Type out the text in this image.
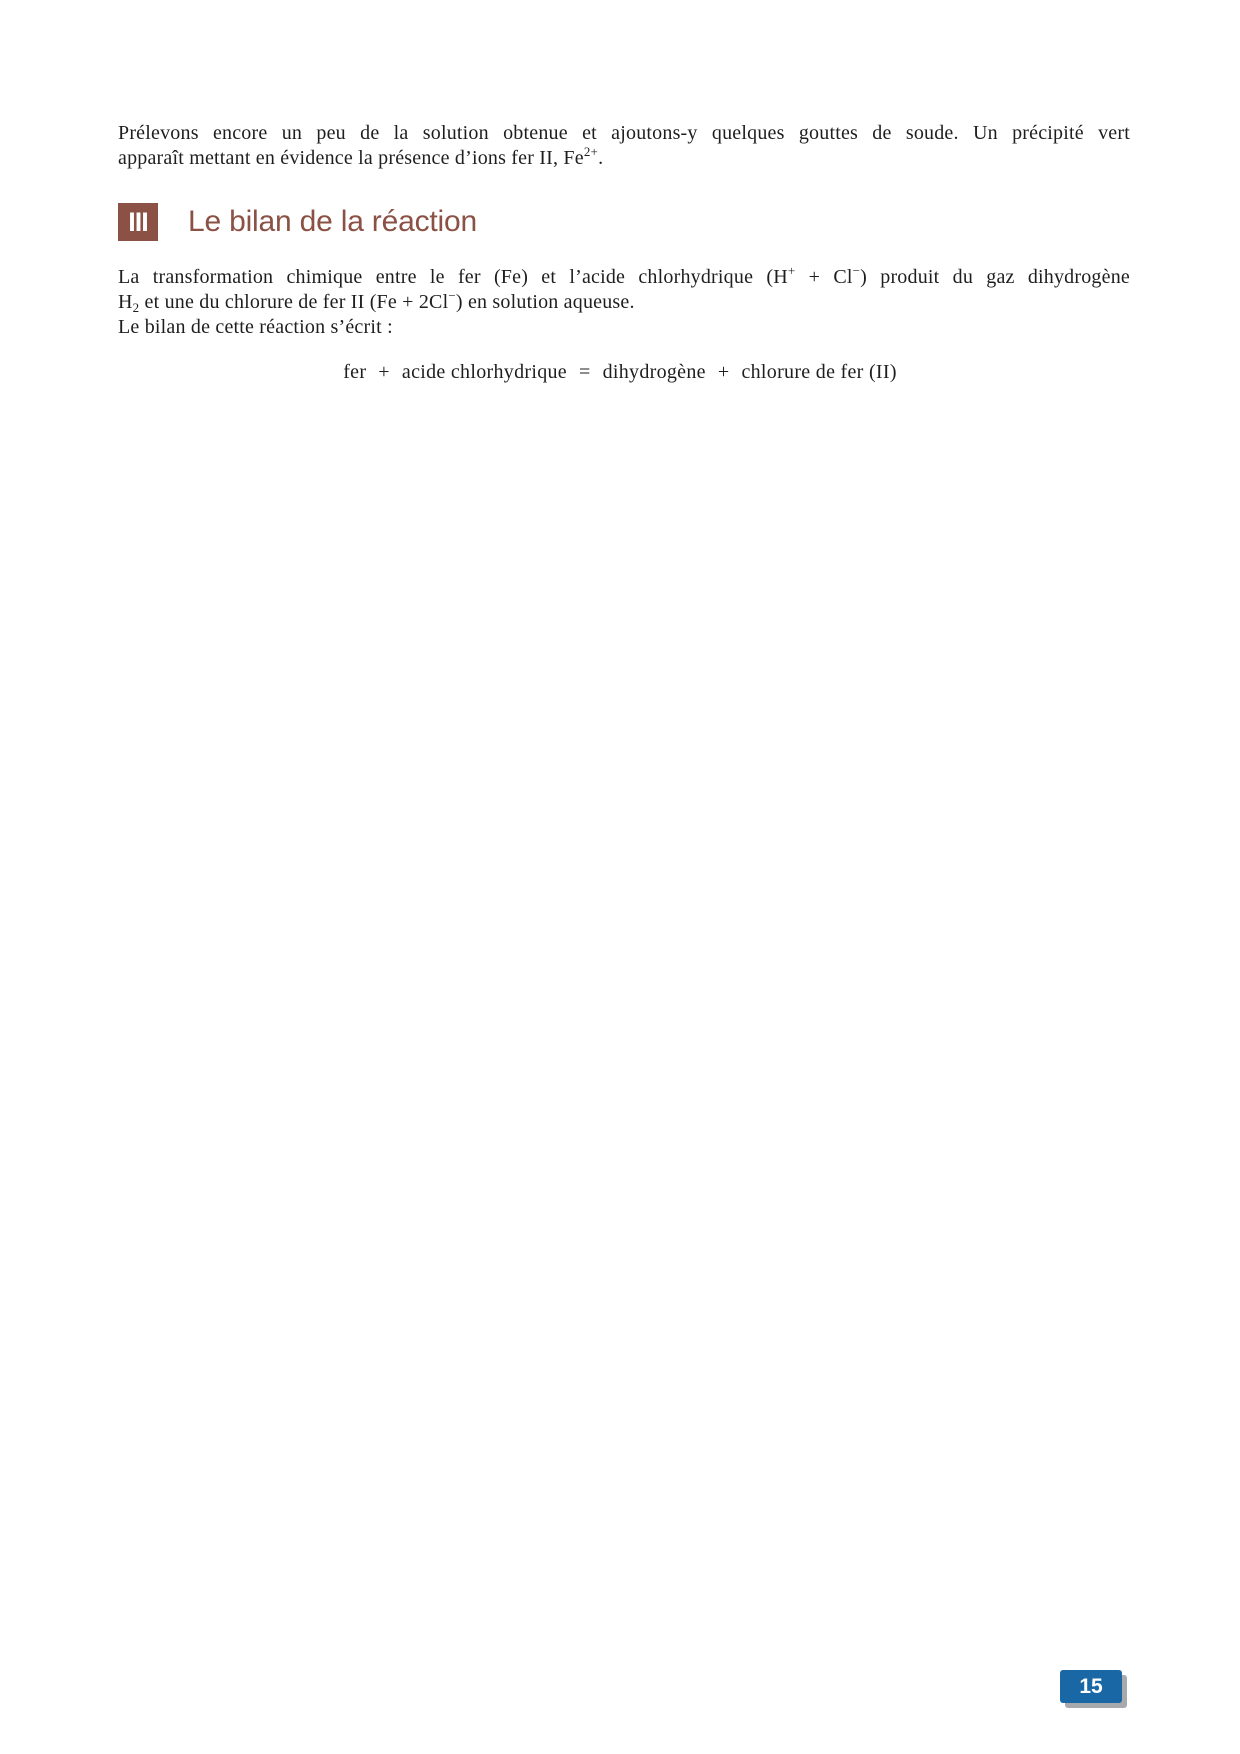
Prélevons encore un peu de la solution obtenue et ajoutons-y quelques gouttes de soude. Un précipité vert
apparaît mettant en évidence la présence d’ions fer II, $Fe^{2+}$.
III	Le bilan de la réaction
La transformation chimique entre le fer (Fe) et l’acide chlorhydrique (H+ + Cl−) produit du gaz dihydrogène
$H_2$ et une du chlorure de fer II (Fe + 2Cl−) en solution aqueuse.
Le bilan de cette réaction s’écrit :
fer + acide chlorhydrique = dihydrogène + chlorure de fer (II)
15
